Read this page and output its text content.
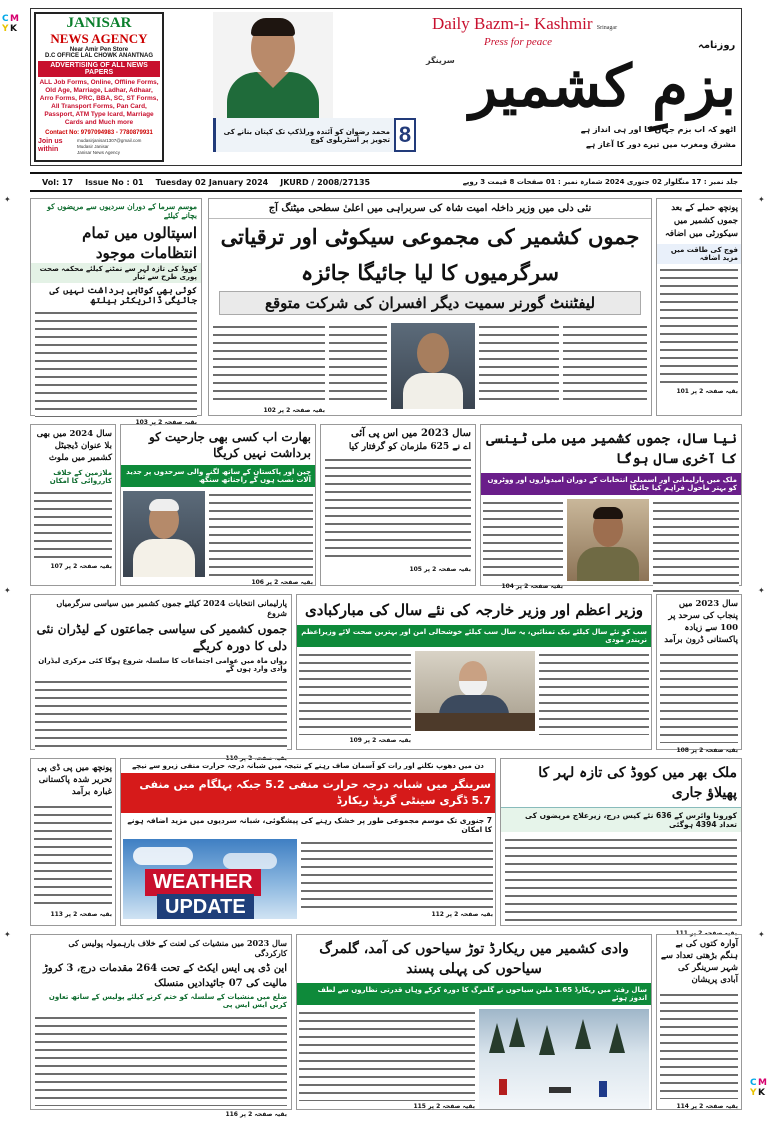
C M
Y K
C M
Y K
✦	✦
✦	✦
✦	✦
JANISAR
NEWS AGENCY
Near Amir Pen Store
D.C OFFICE LAL CHOWK ANANTNAG
ADVERTISING OF ALL NEWS PAPERS
ALL Job Forms, Online, Offline Forms, Old Age, Marriage, Ladhar, Adhaar, Arro Forms, PRC, BBA, SC, ST Forms, All Transport Forms, Pan Card, Passport, ATM Type Icard, Marriage Cards and Much more
Contact No: 9797094983 - 7780879931
Join us within
mudasirjanisar1307@gmail.com
Mudasir Janisar
Janisar News Agency
8
محمد رضوان کو آئندہ ورلڈکپ تک کپتان بنانے کی تجویز پر آسٹریلوی کوچ
Daily Bazm-i- Kashmir Srinagar
Press for peace	روزنامہ
سرینگر بزمِ کشمیر
اٹھو کہ اب بزم جہاں کا اور ہی انداز ہے
مشرق ومغرب میں تیرے دور کا آغاز ہے
Vol: 17 Issue No : 01 Tuesday 02 January 2024 JKURD / 2008/27135	جلد نمبر : 17 منگلوار 02 جنوری 2024 شمارہ نمبر : 01 صفحات 8 قیمت 3 روپے
موسم سرما کے دوران سردیوں سے مریضوں کو بچانے کیلئے
اسپتالوں میں تمام انتظامات موجود
کووڈ کی تازہ لہر سے نمٹنے کیلئے محکمہ صحت پوری طرح سے تیار
کوئی بھی کوتاہی برداشت نہیں کی جائیگی ڈائریکٹر ہیلتھ
بقیہ صفحہ 2 پر 103
نئی دلی میں وزیر داخلہ امیت شاہ کی سربراہی میں اعلیٰ سطحی میٹنگ آج
جموں کشمیر کی مجموعی سیکوٹی اور ترقیاتی سرگرمیوں کا لیا جائیگا جائزہ
لیفٹننٹ گورنر سمیت دیگر افسران کی شرکت متوقع
بقیہ صفحہ 2 پر 102
پونچھ حملے کے بعد جموں کشمیر میں سیکورٹی میں اضافہ
فوج کی طاقت میں مزید اضافہ
بقیہ صفحہ 2 پر 101
سال 2024 میں بھی بلا عنوان ڈیجیٹل کشمیر میں ملوث
ملازمین کے خلاف کارروائی کا امکان
بقیہ صفحہ 2 پر 107
بھارت اب کسی بھی جارحیت کو برداشت نہیں کریگا
چین اور پاکستان کے ساتھ لگنے والی سرحدوں پر جدید آلات نصب ہوں گے راجناتھ سنگھ
بقیہ صفحہ 2 پر 106
سال 2023 میں اس پی آئی
اے نے 625 ملزمان کو گرفتار کیا
بقیہ صفحہ 2 پر 105
نیا سال، جموں کشمیر میں ملی ٹینسی کا آخری سال ہوگا
ملک میں پارلیمانی اور اسمبلی انتخابات کے دوران امیدواروں اور ووٹروں کو بہتر ماحول فراہم کیا جائیگا
بقیہ صفحہ 2 پر 104
پارلیمانی انتخابات 2024 کیلئے جموں کشمیر میں سیاسی سرگرمیاں شروع
جموں کشمیر کی سیاسی جماعتوں کے لیڈران نئی دلی کا دورہ کریگے
رواں ماہ میں عوامی اجتماعات کا سلسلہ شروع ہوگا کئی مرکزی لیڈران وادی وارد ہوں گے
بقیہ صفحہ 2 پر 110
وزیر اعظم اور وزیر خارجہ کی نئے سال کی مبارکبادی
سب کو نئے سال کیلئے نیک تمنائیں، یہ سال سب کیلئے خوشحالی امن اور بہترین صحت لائے وزیراعظم نریندر مودی
بقیہ صفحہ 2 پر 109
سال 2023 میں پنجاب کی سرحد پر 100 سے زیادہ پاکستانی ڈرون برآمد
بقیہ صفحہ 2 پر 108
پونچھ میں پی ڈی پی تحریر شدہ پاکستانی غبارہ برآمد
بقیہ صفحہ 2 پر 113
دن میں دھوپ نکلنے اور رات کو آسمان صاف رہنے کے نتیجہ میں شبانہ درجہ حرارت منفی زیرو سے نیچے
سرینگر میں شبانہ درجہ حرارت منفی 5.2 جبکہ پہلگام میں منفی 5.7 ڈگری سینٹی گریڈ ریکارڈ
7 جنوری تک موسم مجموعی طور پر خشک رہنے کی پیشگوئی، شبانہ سردیوں میں مزید اضافہ ہونے کا امکان
WEATHER
UPDATE	بقیہ صفحہ 2 پر 112
ملک بھر میں کووڈ کی تازہ لہر کا پھیلاؤ جاری
کورونا وائرس کے 636 نئے کیس درج، زیرعلاج مریضوں کی تعداد 4394 ہوگئی
بقیہ صفحہ 2 پر 111
سال 2023 میں منشیات کی لعنت کے خلاف بارہمولہ پولیس کی کارکردگی
این ڈی پی ایس ایکٹ کے تحت 264 مقدمات درج، 3 کروڑ مالیت کی 07 جائیدادیں منسلک
ضلع میں منشیات کے سلسلہ کو ختم کرنے کیلئے پولیس کے ساتھ تعاون کریں ایس ایس پی
بقیہ صفحہ 2 پر 116
وادی کشمیر میں ریکارڈ توڑ سیاحوں کی آمد، گلمرگ سیاحوں کی پہلی پسند
سال رفتہ میں ریکارڈ 1.65 ملین سیاحوں نے گلمرگ کا دورہ کرکے وہاں قدرتی نظاروں سے لطف اندوز ہوئے
بقیہ صفحہ 2 پر 115
آوارہ کتوں کی بے ہنگم بڑھتی تعداد سے شہر سرینگر کی آبادی پریشان
بقیہ صفحہ 2 پر 114
